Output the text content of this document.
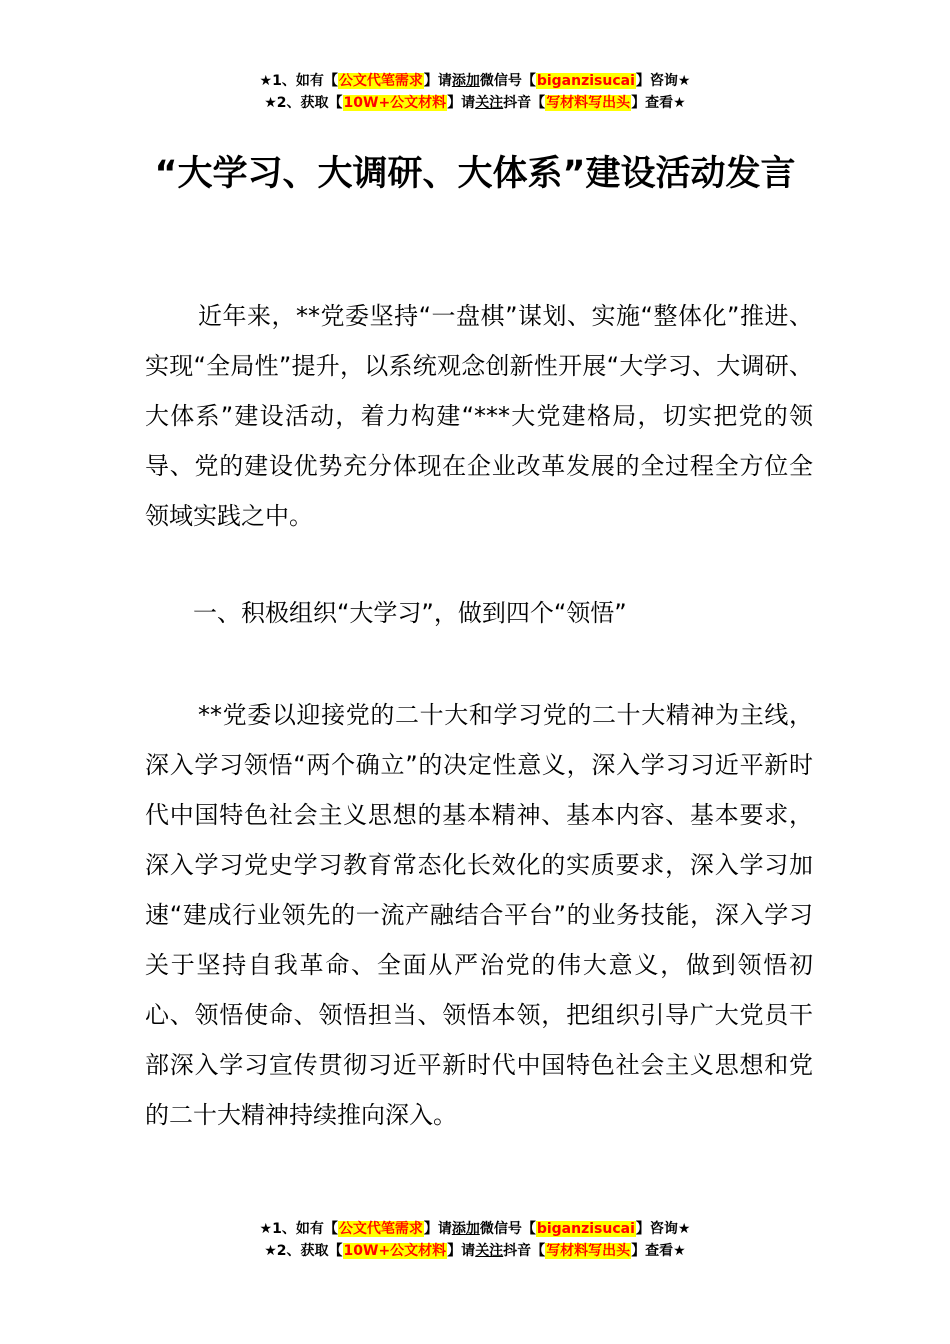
★1、如有【公文代笔需求】请添加微信号【biganzisucai】咨询★
★2、获取【10W+公文材料】请关注抖音【写材料写出头】查看★
“大学习、大调研、大体系”建设活动发言

近年来，**党委坚持“一盘棋”谋划、实施“整体化”推进、实现“全局性”提升，以系统观念创新性开展“大学习、大调研、大体系”建设活动，着力构建“***大党建格局，切实把党的领导、党的建设优势充分体现在企业改革发展的全过程全方位全领域实践之中。

一、积极组织“大学习”，做到四个“领悟”

**党委以迎接党的二十大和学习党的二十大精神为主线，深入学习领悟“两个确立”的决定性意义，深入学习习近平新时代中国特色社会主义思想的基本精神、基本内容、基本要求，深入学习党史学习教育常态化长效化的实质要求，深入学习加速“建成行业领先的一流产融结合平台”的业务技能，深入学习关于坚持自我革命、全面从严治党的伟大意义，做到领悟初心、领悟使命、领悟担当、领悟本领，把组织引导广大党员干部深入学习宣传贯彻习近平新时代中国特色社会主义思想和党的二十大精神持续推向深入。

★1、如有【公文代笔需求】请添加微信号【biganzisucai】咨询★
★2、获取【10W+公文材料】请关注抖音【写材料写出头】查看★
